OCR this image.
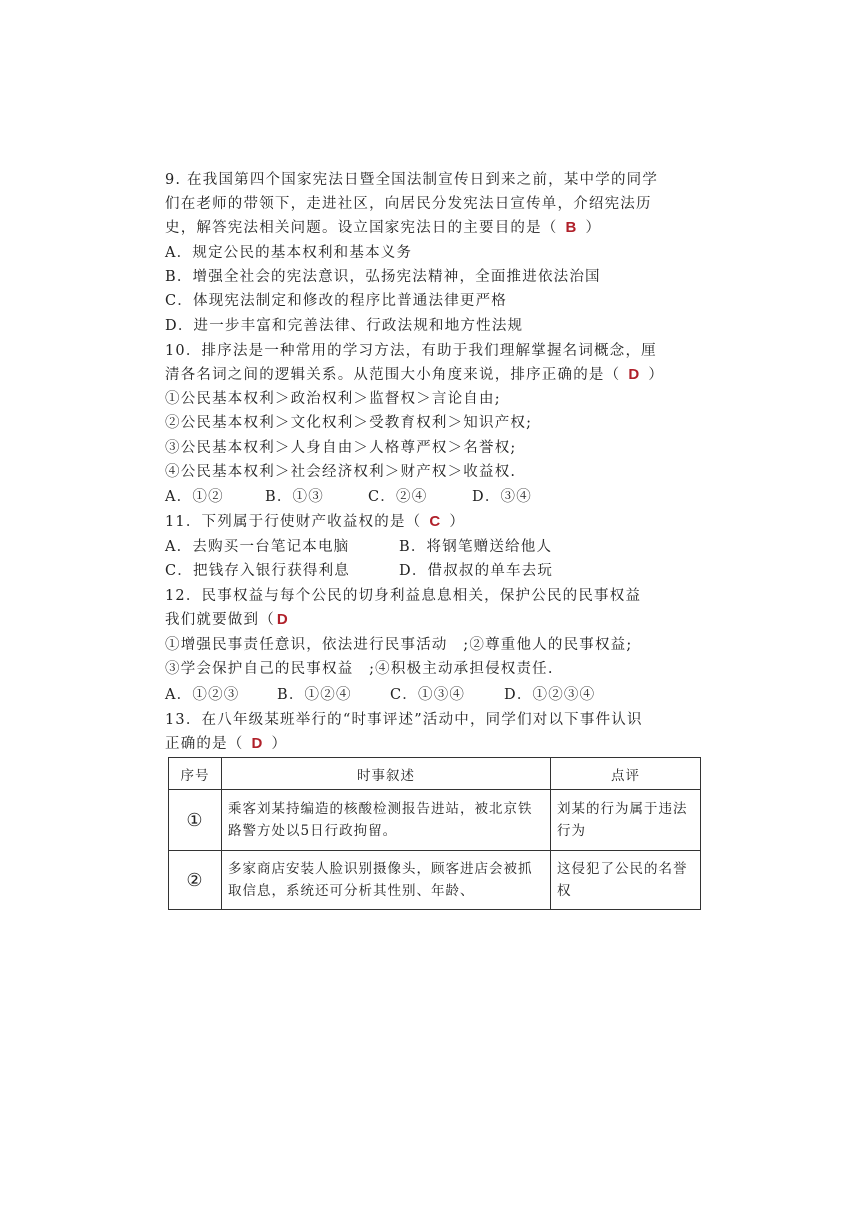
9. 在我国第四个国家宪法日暨全国法制宣传日到来之前，某中学的同学
们在老师的带领下，走进社区，向居民分发宪法日宣传单，介绍宪法历
史，解答宪法相关问题。设立国家宪法日的主要目的是（ B ）
A．规定公民的基本权利和基本义务
B．增强全社会的宪法意识，弘扬宪法精神，全面推进依法治国
C．体现宪法制定和修改的程序比普通法律更严格
D．进一步丰富和完善法律、行政法规和地方性法规
10．排序法是一种常用的学习方法，有助于我们理解掌握名词概念，厘
清各名词之间的逻辑关系。从范围大小角度来说，排序正确的是（ D ）
①公民基本权利＞政治权利＞监督权＞言论自由;
②公民基本权利＞文化权利＞受教育权利＞知识产权;
③公民基本权利＞人身自由＞人格尊严权＞名誉权;
④公民基本权利＞社会经济权利＞财产权＞收益权.
A．①②	B．①③	C．②④	D．③④
11．下列属于行使财产收益权的是（ C ）
A．去购买一台笔记本电脑	B．将钢笔赠送给他人
C．把钱存入银行获得利息	D．借叔叔的单车去玩
12．民事权益与每个公民的切身利益息息相关，保护公民的民事权益
我们就要做到（ D
①增强民事责任意识，依法进行民事活动　;②尊重他人的民事权益;
③学会保护自己的民事权益　;④积极主动承担侵权责任.
A．①②③	B．①②④	C．①③④	D．①②③④
13．在八年级某班举行的“时事评述”活动中，同学们对以下事件认识
正确的是（ D ）
序号	时事叙述	点评
①	乘客刘某持编造的核酸检测报告进站，被北京铁路警方处以5日行政拘留。	刘某的行为属于违法行为
②	多家商店安装人脸识别摄像头，顾客进店会被抓取信息，系统还可分析其性别、年龄、	这侵犯了公民的名誉权
